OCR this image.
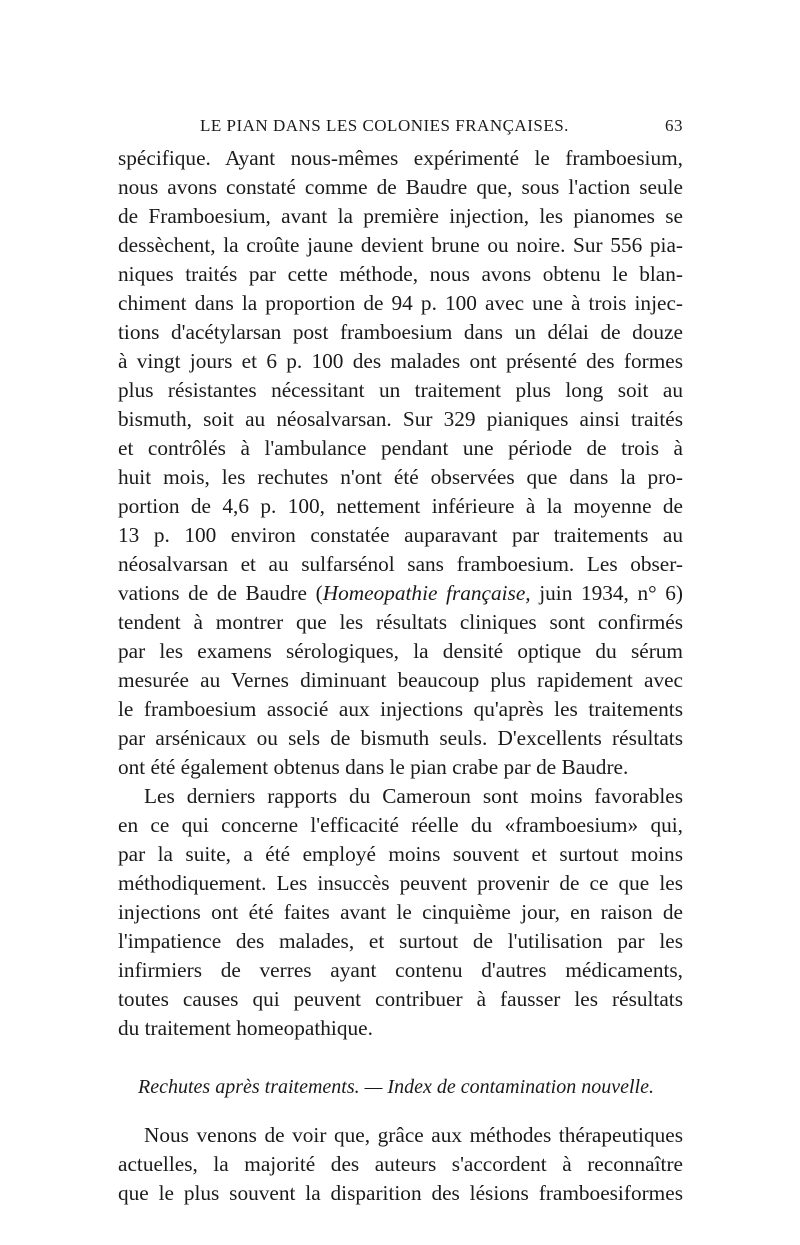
LE PIAN DANS LES COLONIES FRANÇAISES.	63
spécifique. Ayant nous-mêmes expérimenté le framboesium,
nous avons constaté comme de Baudre que, sous l'action seule
de Framboesium, avant la première injection, les pianomes se
dessèchent, la croûte jaune devient brune ou noire. Sur 556 pia-
niques traités par cette méthode, nous avons obtenu le blan-
chiment dans la proportion de 94 p. 100 avec une à trois injec-
tions d'acétylarsan post framboesium dans un délai de douze
à vingt jours et 6 p. 100 des malades ont présenté des formes
plus résistantes nécessitant un traitement plus long soit au
bismuth, soit au néosalvarsan. Sur 329 pianiques ainsi traités
et contrôlés à l'ambulance pendant une période de trois à
huit mois, les rechutes n'ont été observées que dans la pro-
portion de 4,6 p. 100, nettement inférieure à la moyenne de
13 p. 100 environ constatée auparavant par traitements au
néosalvarsan et au sulfarsénol sans framboesium. Les obser-
vations de de Baudre (Homeopathie française, juin 1934, n° 6)
tendent à montrer que les résultats cliniques sont confirmés
par les examens sérologiques, la densité optique du sérum
mesurée au Vernes diminuant beaucoup plus rapidement avec
le framboesium associé aux injections qu'après les traitements
par arsénicaux ou sels de bismuth seuls. D'excellents résultats
ont été également obtenus dans le pian crabe par de Baudre.
Les derniers rapports du Cameroun sont moins favorables
en ce qui concerne l'efficacité réelle du «framboesium» qui,
par la suite, a été employé moins souvent et surtout moins
méthodiquement. Les insuccès peuvent provenir de ce que les
injections ont été faites avant le cinquième jour, en raison de
l'impatience des malades, et surtout de l'utilisation par les
infirmiers de verres ayant contenu d'autres médicaments,
toutes causes qui peuvent contribuer à fausser les résultats
du traitement homeopathique.
Rechutes après traitements. — Index de contamination nouvelle.
Nous venons de voir que, grâce aux méthodes thérapeutiques
actuelles, la majorité des auteurs s'accordent à reconnaître
que le plus souvent la disparition des lésions framboesiformes
